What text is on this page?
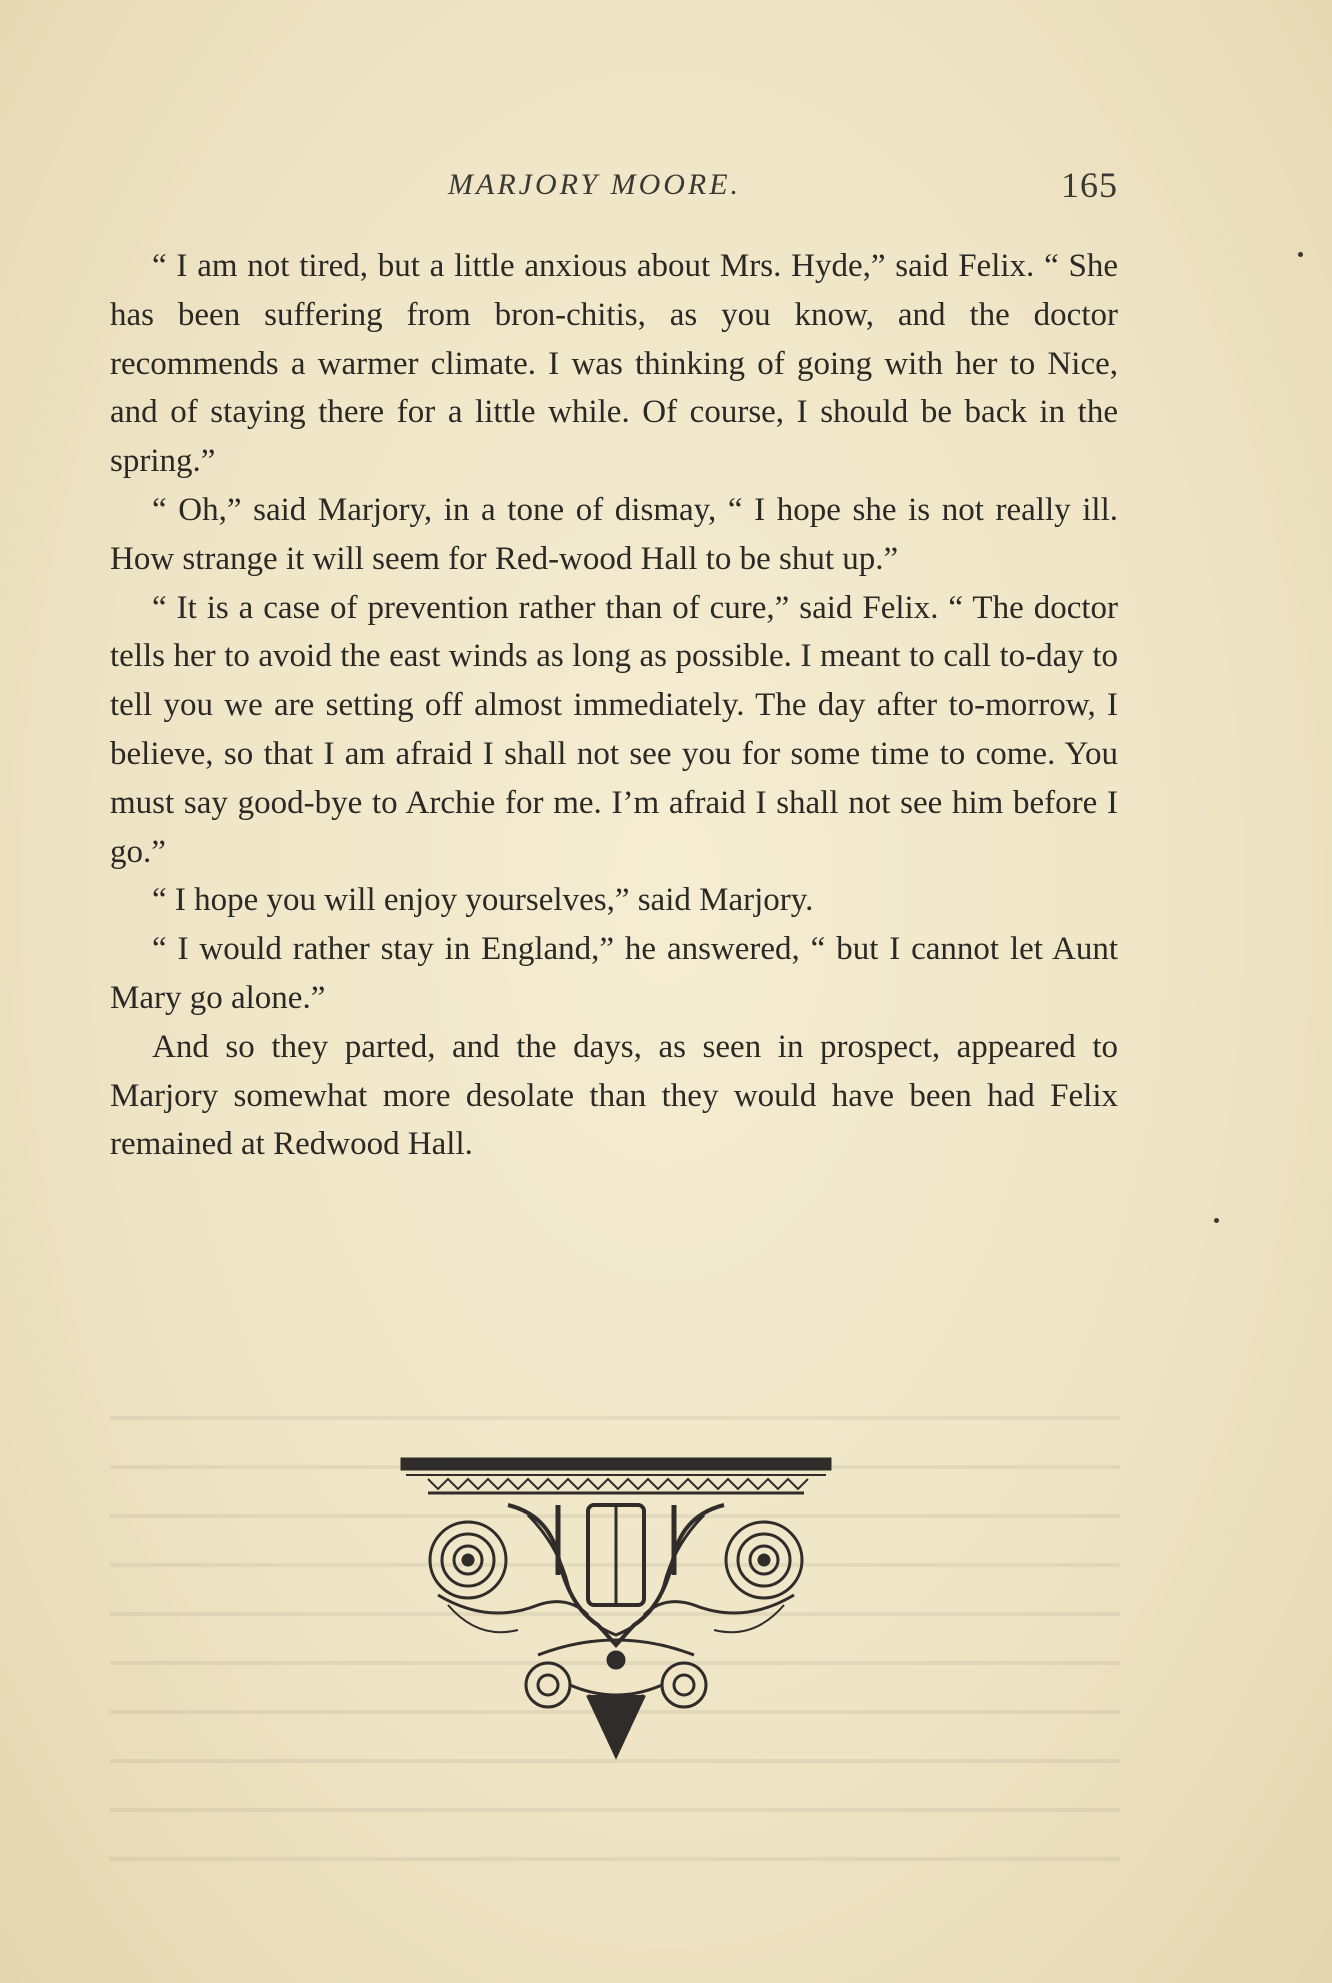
MARJORY MOORE.	165

“ I am not tired, but a little anxious about Mrs. Hyde,” said Felix. “ She has been suffering from bron-chitis, as you know, and the doctor recommends a warmer climate. I was thinking of going with her to Nice, and of staying there for a little while. Of course, I should be back in the spring.”

“ Oh,” said Marjory, in a tone of dismay, “ I hope she is not really ill. How strange it will seem for Red-wood Hall to be shut up.”

“ It is a case of prevention rather than of cure,” said Felix. “ The doctor tells her to avoid the east winds as long as possible. I meant to call to-day to tell you we are setting off almost immediately. The day after to-morrow, I believe, so that I am afraid I shall not see you for some time to come. You must say good-bye to Archie for me. I’m afraid I shall not see him before I go.”

“ I hope you will enjoy yourselves,” said Marjory.

“ I would rather stay in England,” he answered, “ but I cannot let Aunt Mary go alone.”

And so they parted, and the days, as seen in prospect, appeared to Marjory somewhat more desolate than they would have been had Felix remained at Redwood Hall.
